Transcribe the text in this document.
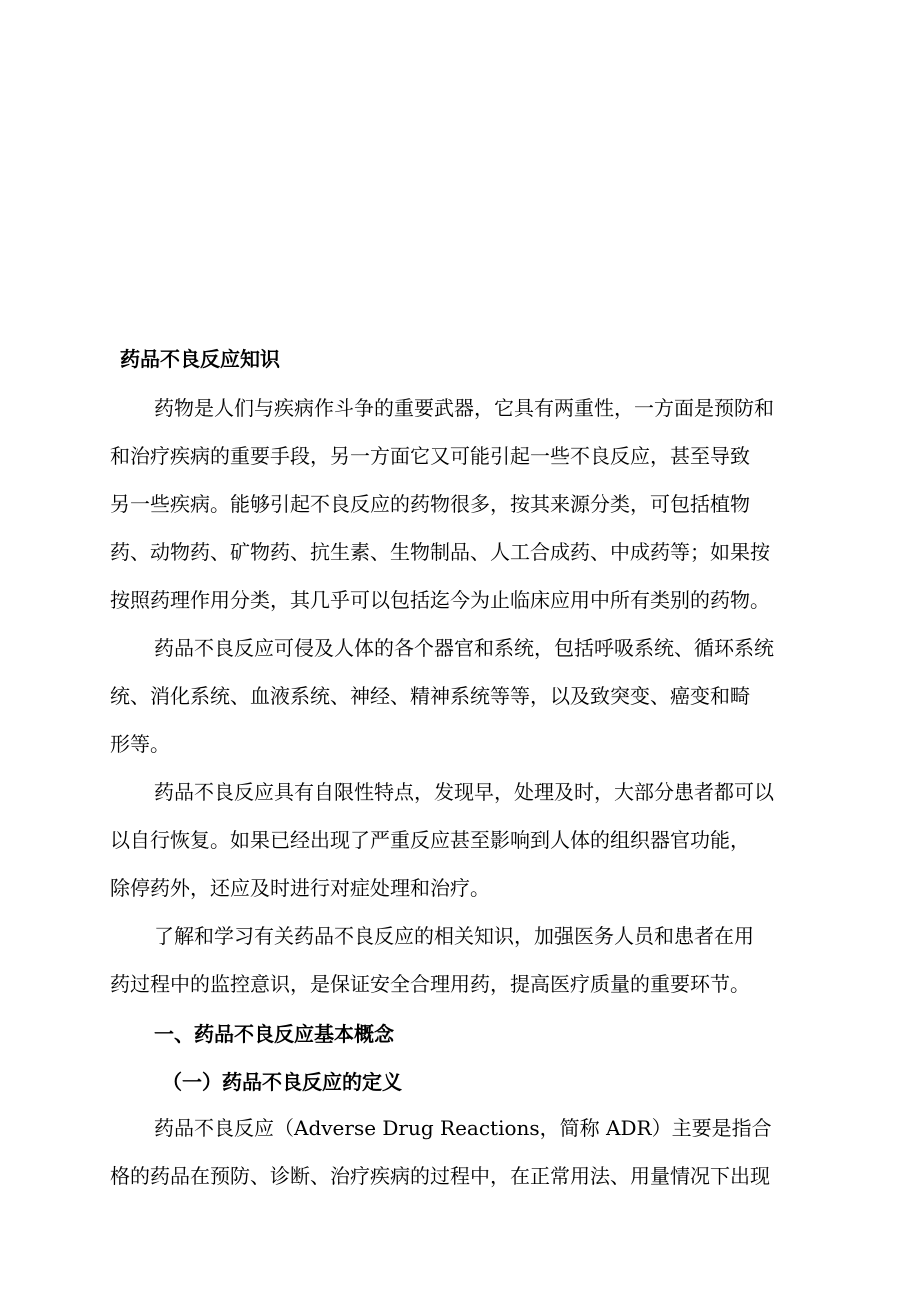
药品不良反应知识
药物是人们与疾病作斗争的重要武器，它具有两重性，一方面是预防和
和治疗疾病的重要手段，另一方面它又可能引起一些不良反应，甚至导致
另一些疾病。能够引起不良反应的药物很多，按其来源分类，可包括植物
药、动物药、矿物药、抗生素、生物制品、人工合成药、中成药等；如果按
按照药理作用分类，其几乎可以包括迄今为止临床应用中所有类别的药物。
药品不良反应可侵及人体的各个器官和系统，包括呼吸系统、循环系统
统、消化系统、血液系统、神经、精神系统等等，以及致突变、癌变和畸
形等。
药品不良反应具有自限性特点，发现早，处理及时，大部分患者都可以
以自行恢复。如果已经出现了严重反应甚至影响到人体的组织器官功能，
除停药外，还应及时进行对症处理和治疗。
了解和学习有关药品不良反应的相关知识，加强医务人员和患者在用
药过程中的监控意识，是保证安全合理用药，提高医疗质量的重要环节。
一、药品不良反应基本概念
（一）药品不良反应的定义
药品不良反应（Adverse Drug Reactions，简称 ADR）主要是指合
格的药品在预防、诊断、治疗疾病的过程中，在正常用法、用量情况下出现
